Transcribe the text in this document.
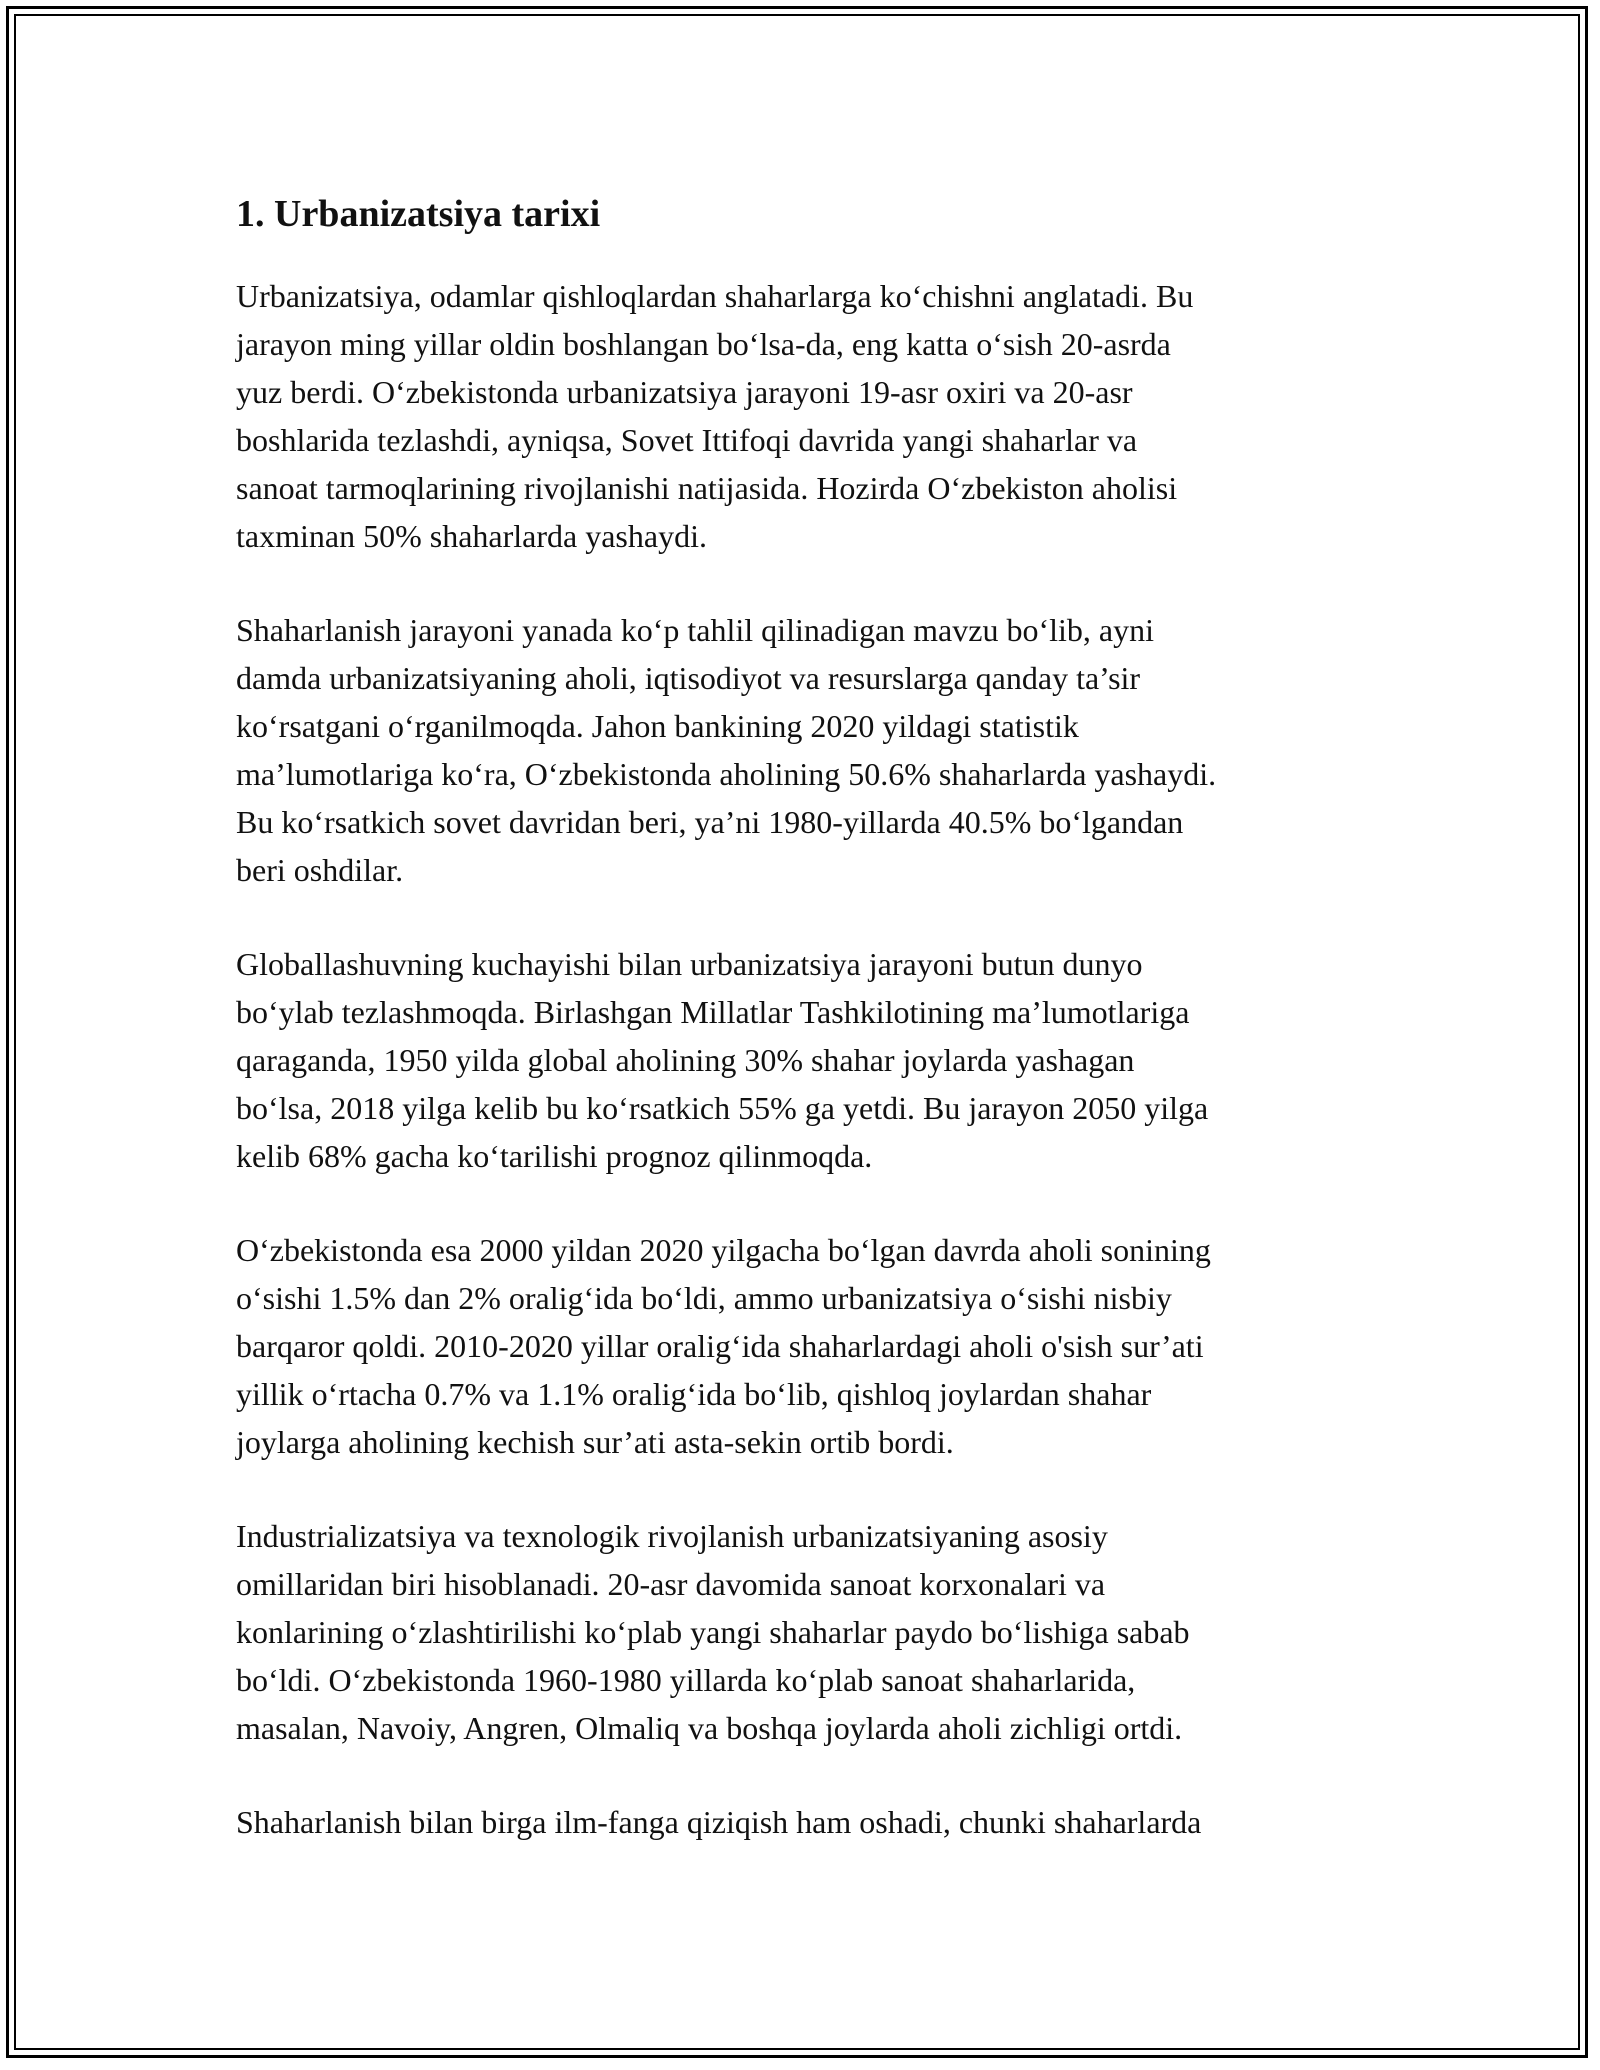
1. Urbanizatsiya tarixi

Urbanizatsiya, odamlar qishloqlardan shaharlarga ko‘chishni anglatadi. Bu
jarayon ming yillar oldin boshlangan bo‘lsa-da, eng katta o‘sish 20-asrda
yuz berdi. O‘zbekistonda urbanizatsiya jarayoni 19-asr oxiri va 20-asr
boshlarida tezlashdi, ayniqsa, Sovet Ittifoqi davrida yangi shaharlar va
sanoat tarmoqlarining rivojlanishi natijasida. Hozirda O‘zbekiston aholisi
taxminan 50% shaharlarda yashaydi.

Shaharlanish jarayoni yanada ko‘p tahlil qilinadigan mavzu bo‘lib, ayni
damda urbanizatsiyaning aholi, iqtisodiyot va resurslarga qanday ta’sir
ko‘rsatgani o‘rganilmoqda. Jahon bankining 2020 yildagi statistik
ma’lumotlariga ko‘ra, O‘zbekistonda aholining 50.6% shaharlarda yashaydi.
Bu ko‘rsatkich sovet davridan beri, ya’ni 1980-yillarda 40.5% bo‘lgandan
beri oshdilar.

Globallashuvning kuchayishi bilan urbanizatsiya jarayoni butun dunyo
bo‘ylab tezlashmoqda. Birlashgan Millatlar Tashkilotining ma’lumotlariga
qaraganda, 1950 yilda global aholining 30% shahar joylarda yashagan
bo‘lsa, 2018 yilga kelib bu ko‘rsatkich 55% ga yetdi. Bu jarayon 2050 yilga
kelib 68% gacha ko‘tarilishi prognoz qilinmoqda.

O‘zbekistonda esa 2000 yildan 2020 yilgacha bo‘lgan davrda aholi sonining
o‘sishi 1.5% dan 2% oralig‘ida bo‘ldi, ammo urbanizatsiya o‘sishi nisbiy
barqaror qoldi. 2010-2020 yillar oralig‘ida shaharlardagi aholi o'sish sur’ati
yillik o‘rtacha 0.7% va 1.1% oralig‘ida bo‘lib, qishloq joylardan shahar
joylarga aholining kechish sur’ati asta-sekin ortib bordi.

Industrializatsiya va texnologik rivojlanish urbanizatsiyaning asosiy
omillaridan biri hisoblanadi. 20-asr davomida sanoat korxonalari va
konlarining o‘zlashtirilishi ko‘plab yangi shaharlar paydo bo‘lishiga sabab
bo‘ldi. O‘zbekistonda 1960-1980 yillarda ko‘plab sanoat shaharlarida,
masalan, Navoiy, Angren, Olmaliq va boshqa joylarda aholi zichligi ortdi.

Shaharlanish bilan birga ilm-fanga qiziqish ham oshadi, chunki shaharlarda
